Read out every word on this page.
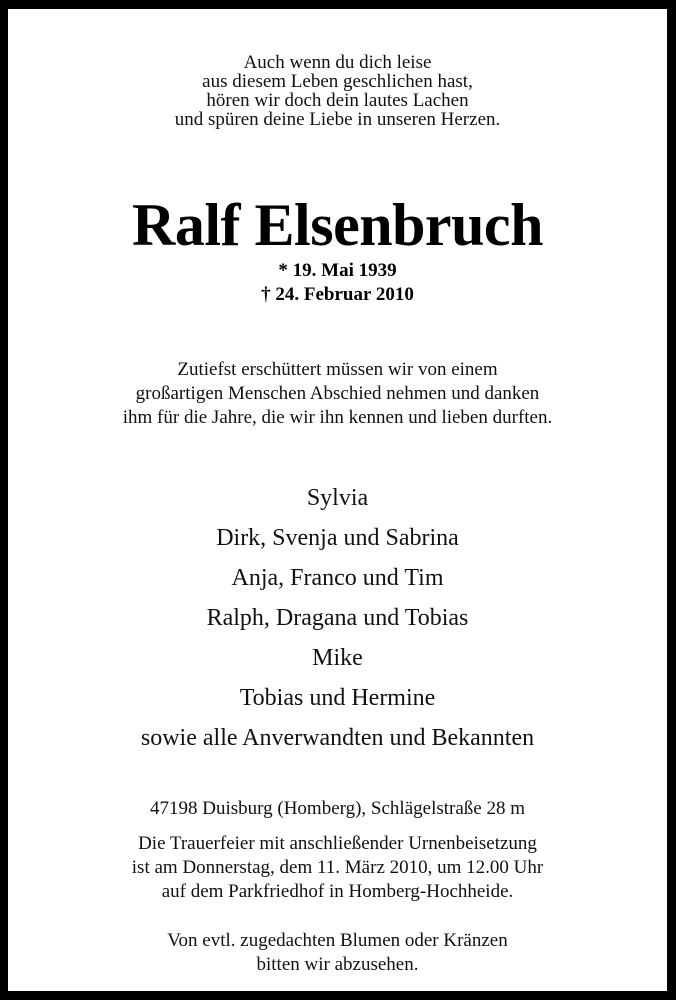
Auch wenn du dich leise
aus diesem Leben geschlichen hast,
hören wir doch dein lautes Lachen
und spüren deine Liebe in unseren Herzen.
Ralf Elsenbruch
* 19. Mai 1939
† 24. Februar 2010
Zutiefst erschüttert müssen wir von einem
großartigen Menschen Abschied nehmen und danken
ihm für die Jahre, die wir ihn kennen und lieben durften.
Sylvia
Dirk, Svenja und Sabrina
Anja, Franco und Tim
Ralph, Dragana und Tobias
Mike
Tobias und Hermine
sowie alle Anverwandten und Bekannten
47198 Duisburg (Homberg), Schlägelstraße 28 m
Die Trauerfeier mit anschließender Urnenbeisetzung
ist am Donnerstag, dem 11. März 2010, um 12.00 Uhr
auf dem Parkfriedhof in Homberg-Hochheide.
Von evtl. zugedachten Blumen oder Kränzen
bitten wir abzusehen.
